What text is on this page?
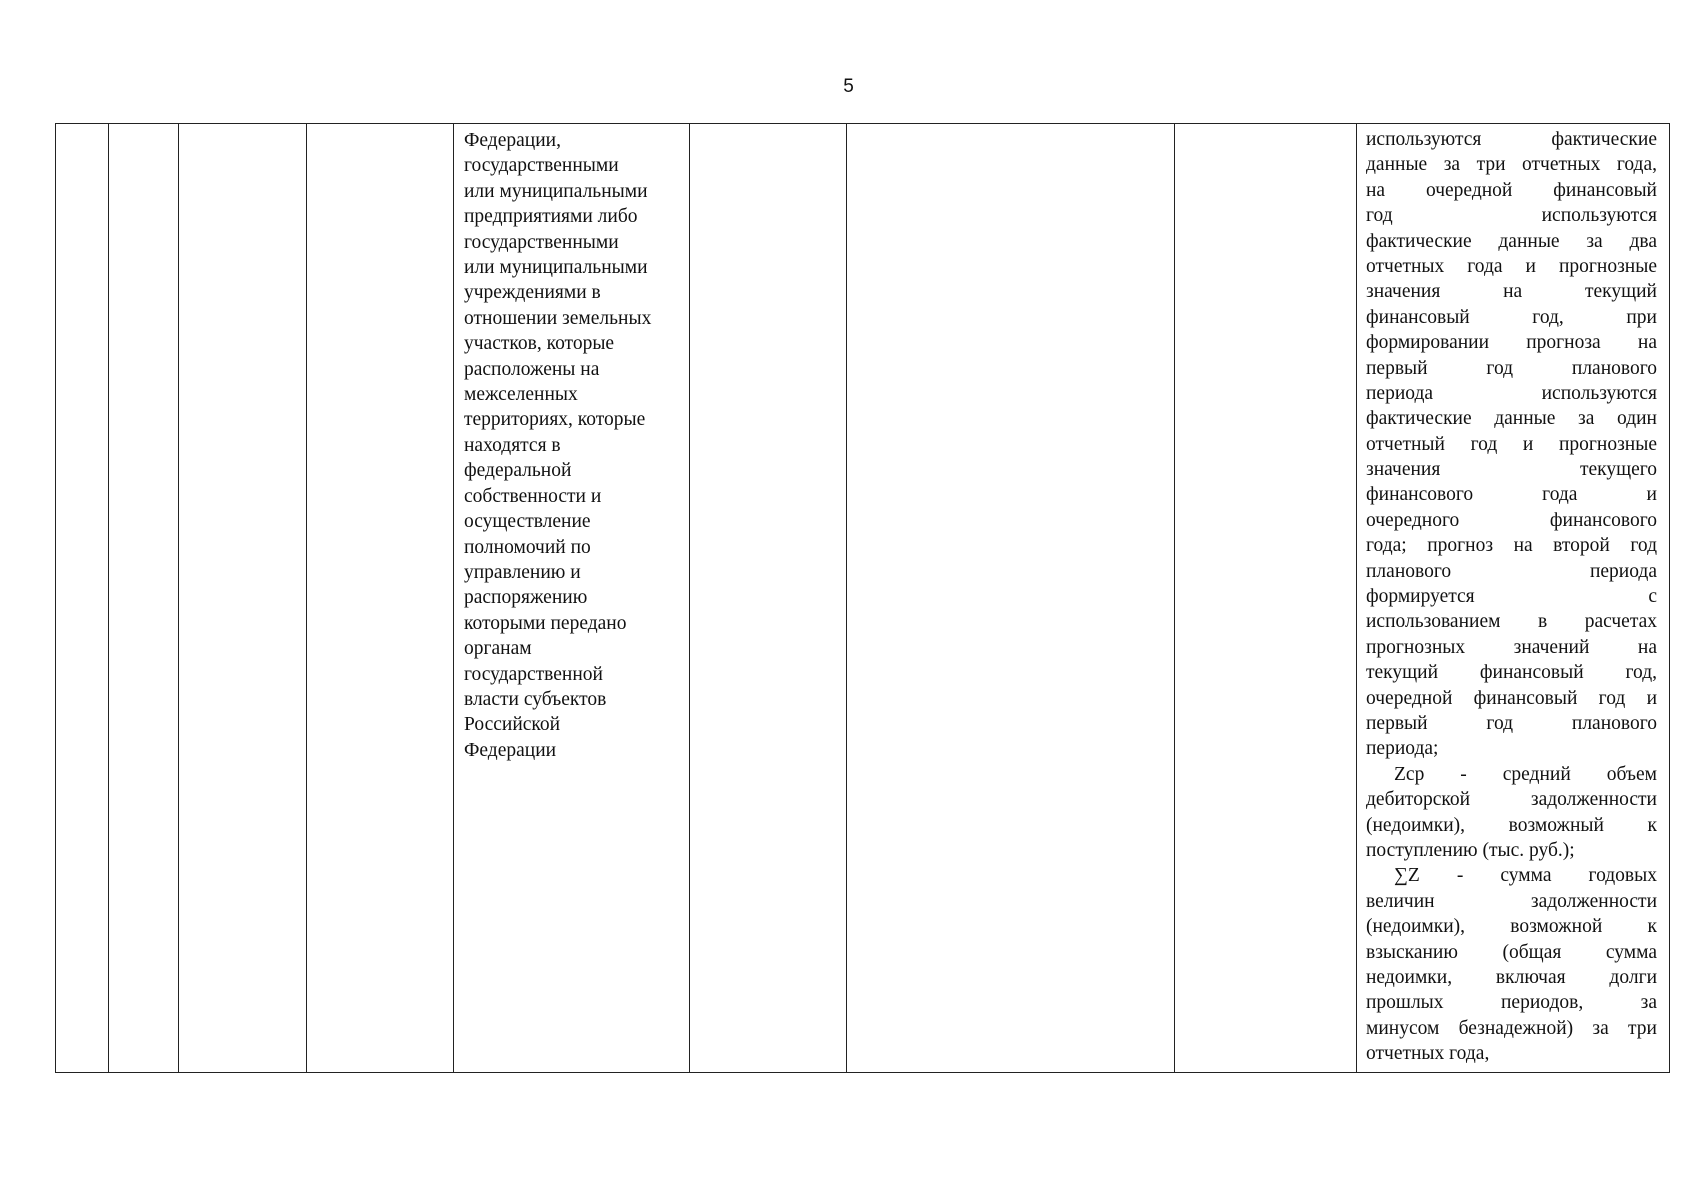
5
Федерации,
государственными
или муниципальными
предприятиями либо
государственными
или муниципальными
учреждениями в
отношении земельных
участков, которые
расположены на
межселенных
территориях, которые
находятся в
федеральной
собственности и
осуществление
полномочий по
управлению и
распоряжению
которыми передано
органам
государственной
власти субъектов
Российской
Федерации
используются фактические
данные за три отчетных года,
на очередной финансовый
год используются
фактические данные за два
отчетных года и прогнозные
значения на текущий
финансовый год, при
формировании прогноза на
первый год планового
периода используются
фактические данные за один
отчетный год и прогнозные
значения текущего
финансового года и
очередного финансового
года; прогноз на второй год
планового периода
формируется с
использованием в расчетах
прогнозных значений на
текущий финансовый год,
очередной финансовый год и
первый год планового
периода;
Zср - средний объем
дебиторской задолженности
(недоимки), возможный к
поступлению (тыс. руб.);
∑Z - сумма годовых
величин задолженности
(недоимки), возможной к
взысканию (общая сумма
недоимки, включая долги
прошлых периодов, за
минусом безнадежной) за три
отчетных года,
